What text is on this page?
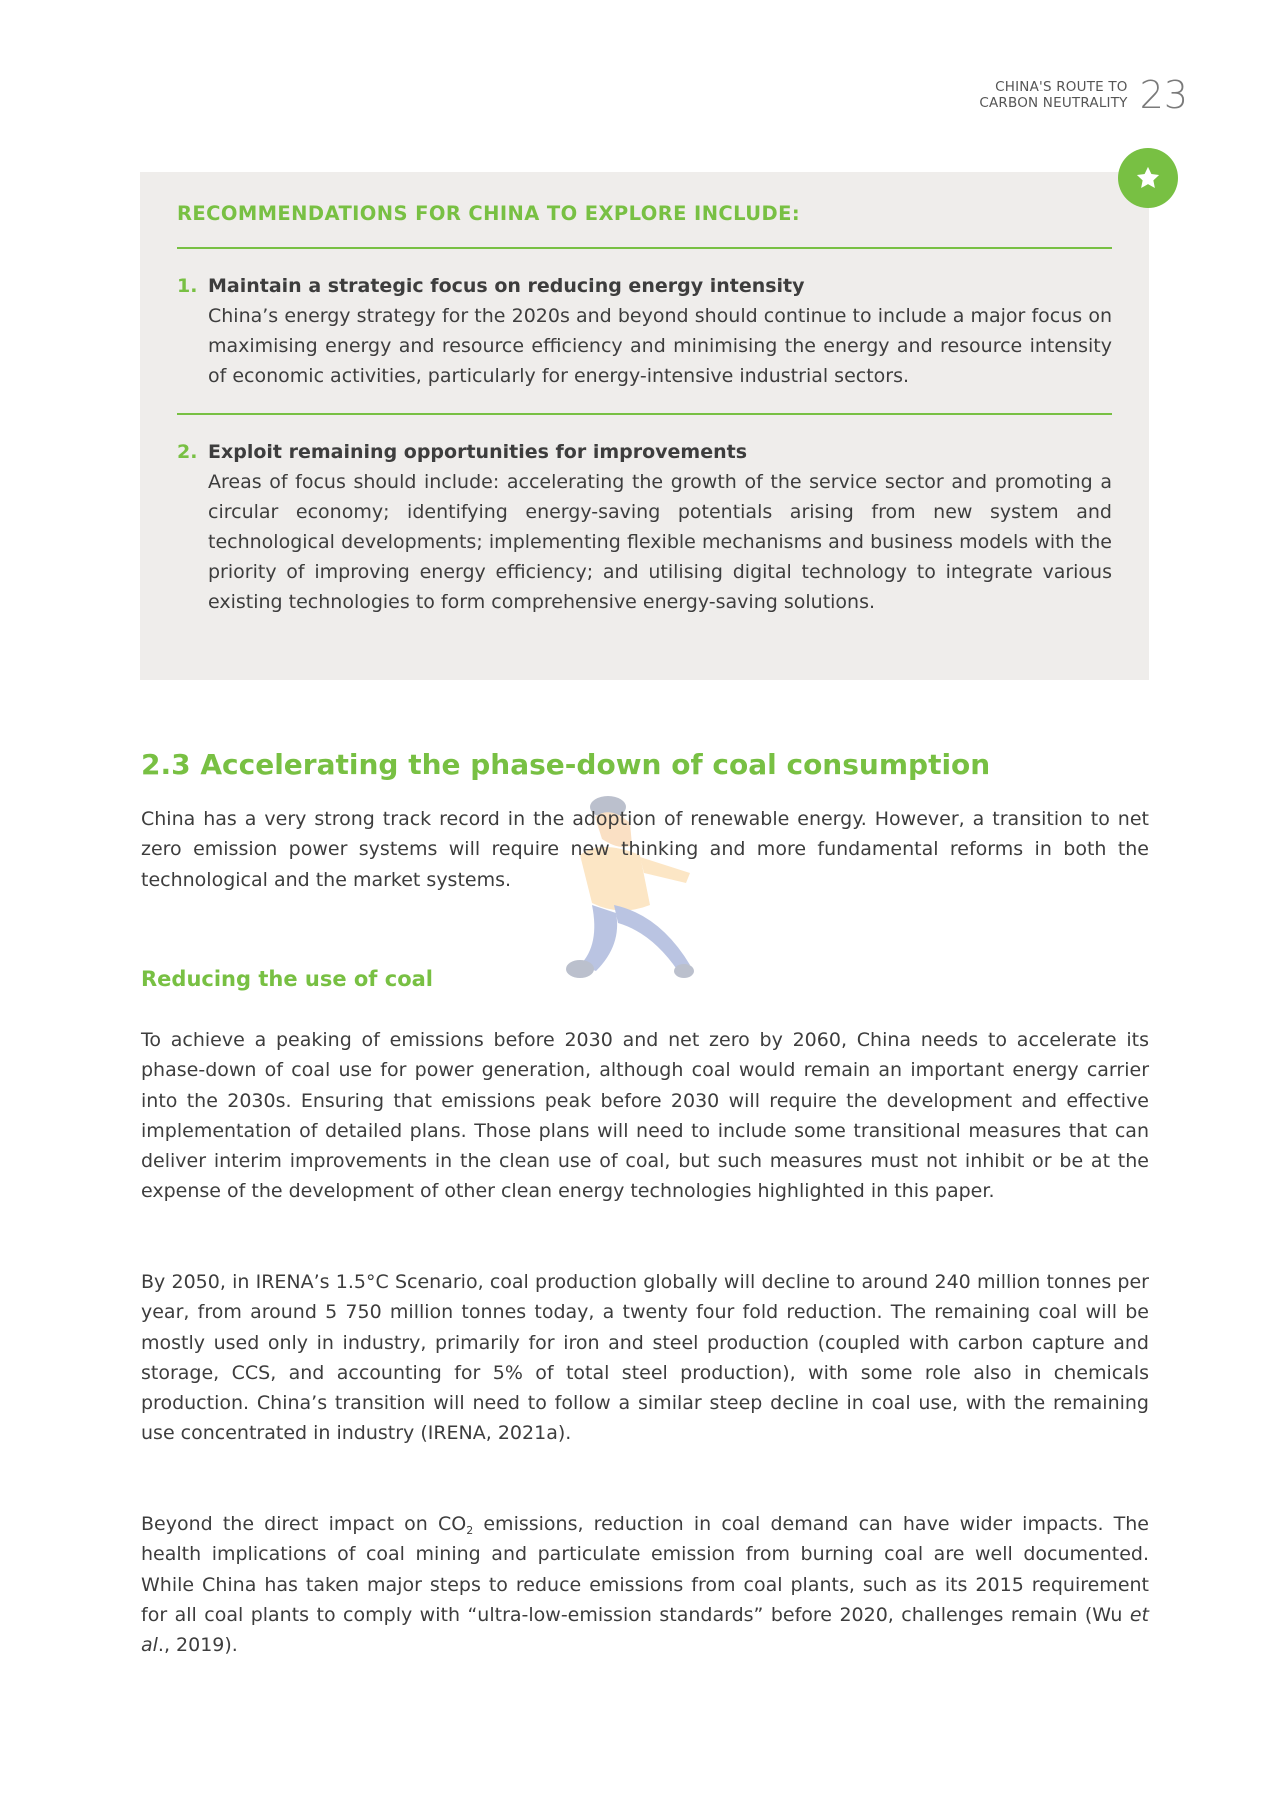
CHINA'S ROUTE TO
CARBON NEUTRALITY 23
RECOMMENDATIONS FOR CHINA TO EXPLORE INCLUDE:
1. Maintain a strategic focus on reducing energy intensity
China’s energy strategy for the 2020s and beyond should continue to include a major focus on maximising energy and resource efficiency and minimising the energy and resource intensity of economic activities, particularly for energy-intensive industrial sectors.
2. Exploit remaining opportunities for improvements
Areas of focus should include: accelerating the growth of the service sector and promoting a circular economy; identifying energy-saving potentials arising from new system and technological developments; implementing flexible mechanisms and business models with the priority of improving energy efficiency; and utilising digital technology to integrate various existing technologies to form comprehensive energy-saving solutions.
2.3 Accelerating the phase-down of coal consumption

China has a very strong track record in the adoption of renewable energy. However, a transition to net zero emission power systems will require new thinking and more fundamental reforms in both the technological and the market systems.

Reducing the use of coal

To achieve a peaking of emissions before 2030 and net zero by 2060, China needs to accelerate its phase-down of coal use for power generation, although coal would remain an important energy carrier into the 2030s. Ensuring that emissions peak before 2030 will require the development and effective implementation of detailed plans. Those plans will need to include some transitional measures that can deliver interim improvements in the clean use of coal, but such measures must not inhibit or be at the expense of the development of other clean energy technologies highlighted in this paper.

By 2050, in IRENA’s 1.5°C Scenario, coal production globally will decline to around 240 million tonnes per year, from around 5 750 million tonnes today, a twenty four fold reduction. The remaining coal will be mostly used only in industry, primarily for iron and steel production (coupled with carbon capture and storage, CCS, and accounting for 5% of total steel production), with some role also in chemicals production. China’s transition will need to follow a similar steep decline in coal use, with the remaining use concentrated in industry (IRENA, 2021a).

Beyond the direct impact on $CO_2$ emissions, reduction in coal demand can have wider impacts. The health implications of coal mining and particulate emission from burning coal are well documented. While China has taken major steps to reduce emissions from coal plants, such as its 2015 requirement for all coal plants to comply with “ultra-low-emission standards” before 2020, challenges remain (Wu et al., 2019).
